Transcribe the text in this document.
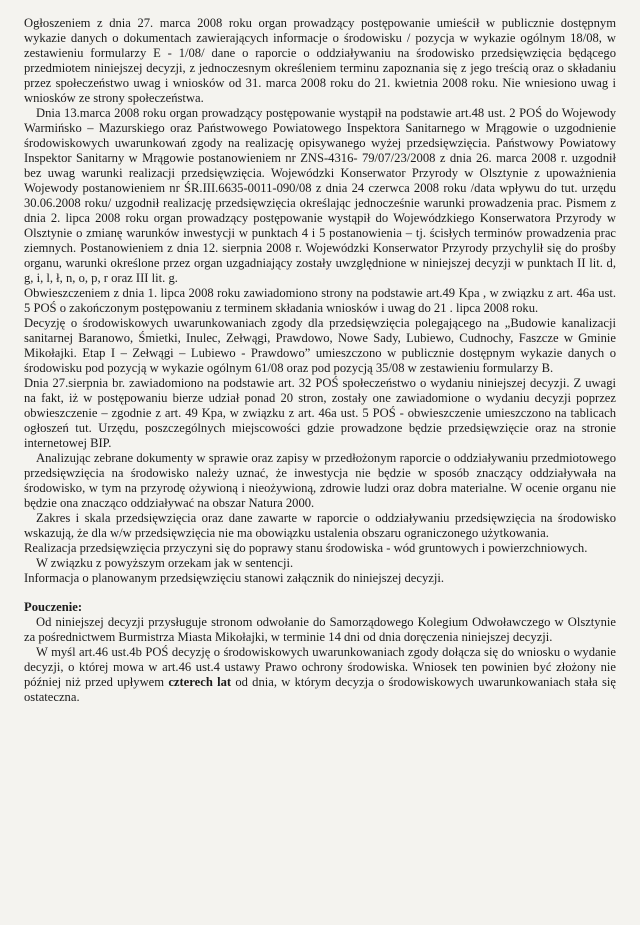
Ogłoszeniem z dnia 27. marca 2008 roku organ prowadzący postępowanie umieścił w publicznie dostępnym wykazie danych o dokumentach zawierających informacje o środowisku / pozycja w wykazie ogólnym 18/08, w zestawieniu formularzy E - 1/08/ dane o raporcie o oddziaływaniu na środowisko przedsięwzięcia będącego przedmiotem niniejszej decyzji, z jednoczesnym określeniem terminu zapoznania się z jego treścią oraz o składaniu przez społeczeństwo uwag i wniosków od 31. marca 2008 roku do 21. kwietnia 2008 roku. Nie wniesiono uwag i wniosków ze strony społeczeństwa.

Dnia 13.marca 2008 roku organ prowadzący postępowanie wystąpił na podstawie art.48 ust. 2 POŚ do Wojewody Warmińsko – Mazurskiego oraz Państwowego Powiatowego Inspektora Sanitarnego w Mrągowie o uzgodnienie środowiskowych uwarunkowań zgody na realizację opisywanego wyżej przedsięwzięcia. Państwowy Powiatowy Inspektor Sanitarny w Mrągowie postanowieniem nr ZNS-4316- 79/07/23/2008 z dnia 26. marca 2008 r. uzgodnił bez uwag warunki realizacji przedsięwzięcia. Wojewódzki Konserwator Przyrody w Olsztynie z upoważnienia Wojewody postanowieniem nr ŚR.III.6635-0011-090/08 z dnia 24 czerwca 2008 roku /data wpływu do tut. urzędu 30.06.2008 roku/ uzgodnił realizację przedsięwzięcia określając jednocześnie warunki prowadzenia prac. Pismem z dnia 2. lipca 2008 roku organ prowadzący postępowanie wystąpił do Wojewódzkiego Konserwatora Przyrody w Olsztynie o zmianę warunków inwestycji w punktach 4 i 5 postanowienia – tj. ścisłych terminów prowadzenia prac ziemnych. Postanowieniem z dnia 12. sierpnia 2008 r. Wojewódzki Konserwator Przyrody przychylił się do prośby organu, warunki określone przez organ uzgadniający zostały uwzględnione w niniejszej decyzji w punktach II lit. d, g, i, l, ł, n, o, p, r oraz III lit. g.

Obwieszczeniem z dnia 1. lipca 2008 roku zawiadomiono strony na podstawie art.49 Kpa , w związku z art. 46a ust. 5 POŚ o zakończonym postępowaniu z terminem składania wniosków i uwag do 21 . lipca 2008 roku.

Decyzję o środowiskowych uwarunkowaniach zgody dla przedsięwzięcia polegającego na „Budowie kanalizacji sanitarnej Baranowo, Śmietki, Inulec, Zełwągi, Prawdowo, Nowe Sady, Lubiewo, Cudnochy, Faszcze w Gminie Mikołajki. Etap I – Zełwągi – Lubiewo - Prawdowo” umieszczono w publicznie dostępnym wykazie danych o środowisku pod pozycją w wykazie ogólnym 61/08 oraz pod pozycją 35/08 w zestawieniu formularzy B.

Dnia 27.sierpnia br. zawiadomiono na podstawie art. 32 POŚ społeczeństwo o wydaniu niniejszej decyzji. Z uwagi na fakt, iż w postępowaniu bierze udział ponad 20 stron, zostały one zawiadomione o wydaniu decyzji poprzez obwieszczenie – zgodnie z art. 49 Kpa, w związku z art. 46a ust. 5 POŚ - obwieszczenie umieszczono na tablicach ogłoszeń tut. Urzędu, poszczególnych miejscowości gdzie prowadzone będzie przedsięwzięcie oraz na stronie internetowej BIP.

Analizując zebrane dokumenty w sprawie oraz zapisy w przedłożonym raporcie o oddziaływaniu przedmiotowego przedsięwzięcia na środowisko należy uznać, że inwestycja nie będzie w sposób znaczący oddziaływała na środowisko, w tym na przyrodę ożywioną i nieożywioną, zdrowie ludzi oraz dobra materialne. W ocenie organu nie będzie ona znacząco oddziaływać na obszar Natura 2000.

Zakres i skala przedsięwzięcia oraz dane zawarte w raporcie o oddziaływaniu przedsięwzięcia na środowisko wskazują, że dla w/w przedsięwzięcia nie ma obowiązku ustalenia obszaru ograniczonego użytkowania.

Realizacja przedsięwzięcia przyczyni się do poprawy stanu środowiska - wód gruntowych i powierzchniowych.

W związku z powyższym orzekam jak w sentencji.

Informacja o planowanym przedsięwzięciu stanowi załącznik do niniejszej decyzji.

Pouczenie:

Od niniejszej decyzji przysługuje stronom odwołanie do Samorządowego Kolegium Odwoławczego w Olsztynie za pośrednictwem Burmistrza Miasta Mikołajki, w terminie 14 dni od dnia doręczenia niniejszej decyzji.

W myśl art.46 ust.4b POŚ decyzję o środowiskowych uwarunkowaniach zgody dołącza się do wniosku o wydanie decyzji, o której mowa w art.46 ust.4 ustawy Prawo ochrony środowiska. Wniosek ten powinien być złożony nie później niż przed upływem czterech lat od dnia, w którym decyzja o środowiskowych uwarunkowaniach stała się ostateczna.
